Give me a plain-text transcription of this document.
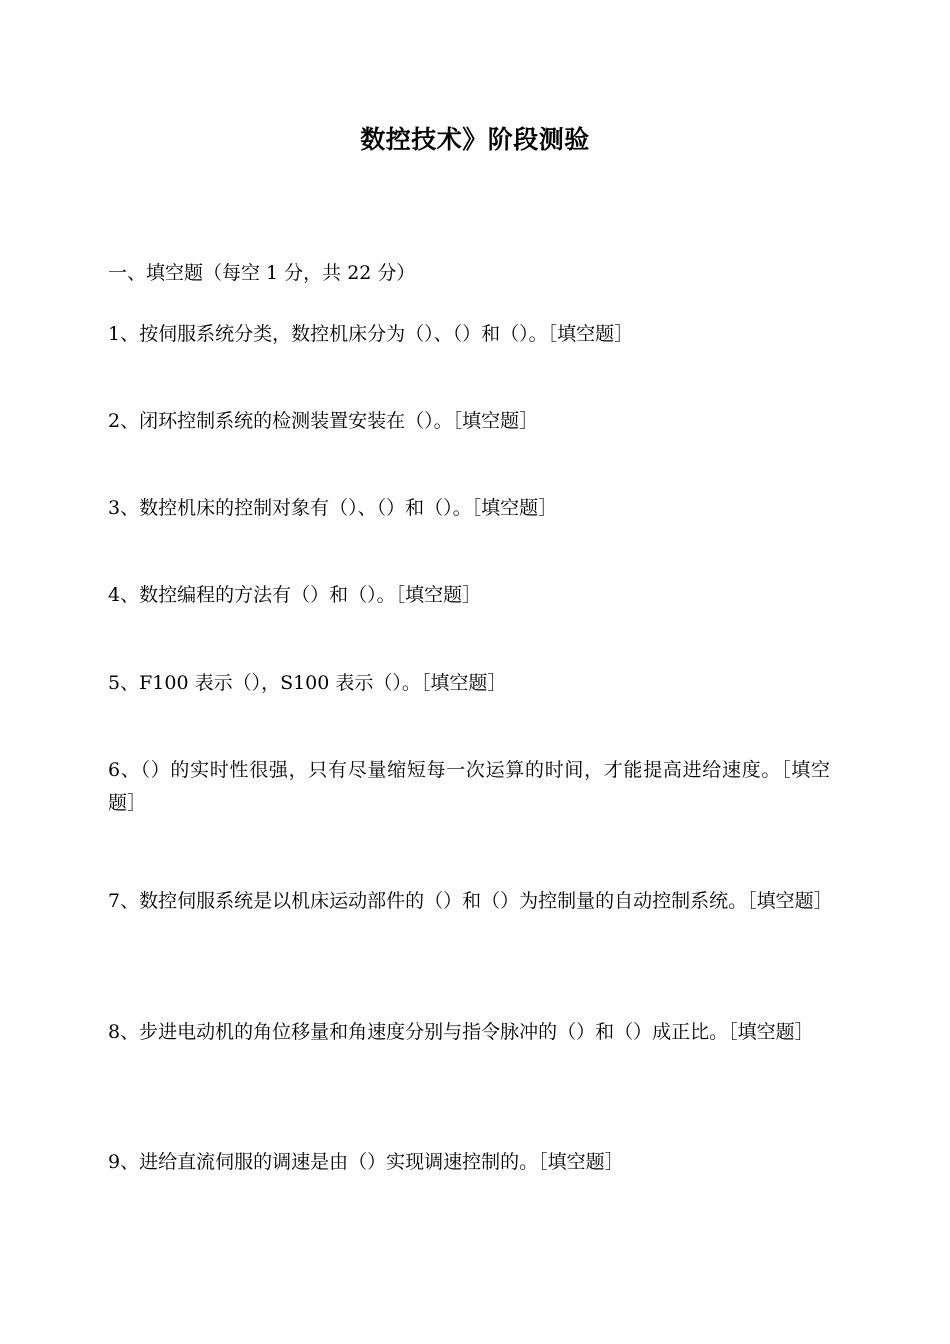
数控技术》阶段测验
一、填空题（每空 1 分，共 22 分）
1、按伺服系统分类，数控机床分为（）、（）和（）。［填空题］
2、闭环控制系统的检测装置安装在（）。［填空题］
3、数控机床的控制对象有（）、（）和（）。［填空题］
4、数控编程的方法有（）和（）。［填空题］
5、F100 表示（），S100 表示（）。［填空题］
6、（）的实时性很强，只有尽量缩短每一次运算的时间，才能提高进给速度。［填空题］
7、数控伺服系统是以机床运动部件的（）和（）为控制量的自动控制系统。［填空题］
8、步进电动机的角位移量和角速度分别与指令脉冲的（）和（）成正比。［填空题］
9、进给直流伺服的调速是由（）实现调速控制的。［填空题］
